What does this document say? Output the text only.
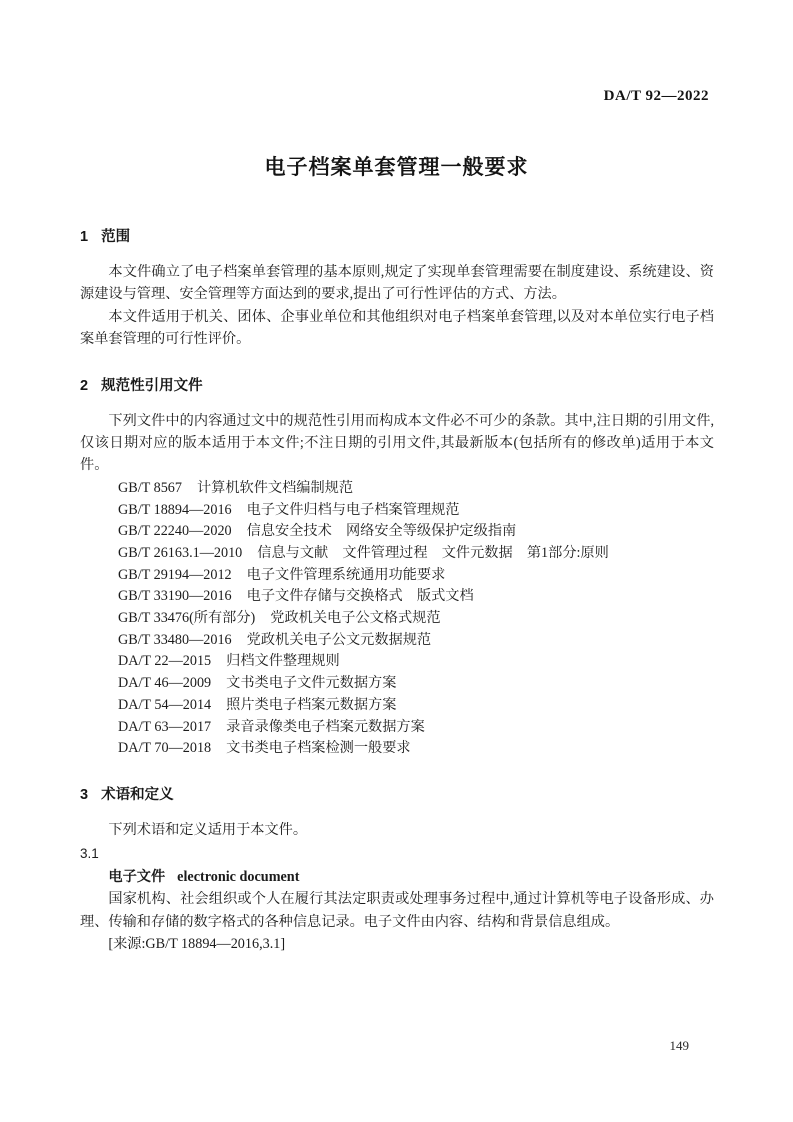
DA/T 92—2022
电子档案单套管理一般要求
1 范围

本文件确立了电子档案单套管理的基本原则,规定了实现单套管理需要在制度建设、系统建设、资源建设与管理、安全管理等方面达到的要求,提出了可行性评估的方式、方法。

本文件适用于机关、团体、企事业单位和其他组织对电子档案单套管理,以及对本单位实行电子档案单套管理的可行性评价。

2 规范性引用文件

下列文件中的内容通过文中的规范性引用而构成本文件必不可少的条款。其中,注日期的引用文件,仅该日期对应的版本适用于本文件;不注日期的引用文件,其最新版本(包括所有的修改单)适用于本文件。

GB/T 8567 计算机软件文档编制规范
GB/T 18894—2016 电子文件归档与电子档案管理规范
GB/T 22240—2020 信息安全技术　网络安全等级保护定级指南
GB/T 26163.1—2010 信息与文献　文件管理过程　文件元数据　第1部分:原则
GB/T 29194—2012 电子文件管理系统通用功能要求
GB/T 33190—2016 电子文件存储与交换格式　版式文档
GB/T 33476(所有部分) 党政机关电子公文格式规范
GB/T 33480—2016 党政机关电子公文元数据规范
DA/T 22—2015 归档文件整理规则
DA/T 46—2009 文书类电子文件元数据方案
DA/T 54—2014 照片类电子档案元数据方案
DA/T 63—2017 录音录像类电子档案元数据方案
DA/T 70—2018 文书类电子档案检测一般要求
3 术语和定义

下列术语和定义适用于本文件。

3.1

电子文件 electronic document

国家机构、社会组织或个人在履行其法定职责或处理事务过程中,通过计算机等电子设备形成、办理、传输和存储的数字格式的各种信息记录。电子文件由内容、结构和背景信息组成。

[来源:GB/T 18894—2016,3.1]

149
